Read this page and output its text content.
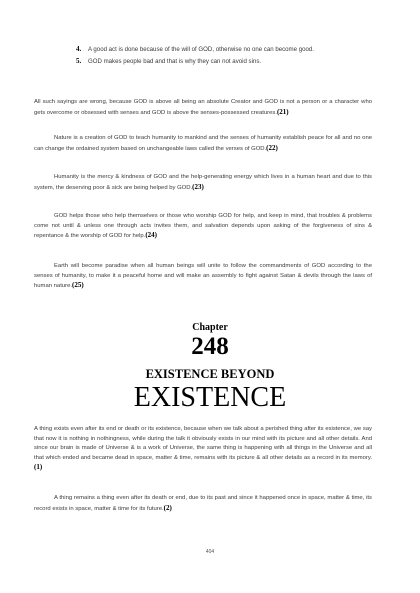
4.	A good act is done because of the will of GOD, otherwise no one can become good.
5.	GOD makes people bad and that is why they can not avoid sins.
All such sayings are wrong, because GOD is above all being an absolute Creator and GOD is not a person or a character who gets overcome or obsessed with senses and GOD is above the senses-possessed creatures.(21)
Nature is a creation of GOD to teach humanity to mankind and the senses of humanity establish peace for all and no one can change the ordained system based on unchangeable laws called the verses of GOD.(22)
Humanity is the mercy & kindness of GOD and the help-generating energy which lives in a human heart and due to this system, the deserving poor & sick are being helped by GOD.(23)
GOD helps those who help themselves or those who worship GOD for help, and keep in mind, that troubles & problems come not until & unless one through acts invites them, and salvation depends upon asking of the forgiveness of sins & repentance & the worship of GOD for help.(24)
Earth will become paradise when all human beings will unite to follow the commandments of GOD according to the senses of humanity, to make it a peaceful home and will make an assembly to fight against Satan & devils through the laws of human nature.(25)
Chapter
248
EXISTENCE BEYOND
EXISTENCE
A thing exists even after its end or death or its existence, because when we talk about a perished thing after its existence, we say that now it is nothing in nothingness, while during the talk it obviously exists in our mind with its picture and all other details. And since our brain is made of Universe & is a work of Universe, the same thing is happening with all things in the Universe and all that which ended and became dead in space, matter & time, remains with its picture & all other details as a record in its memory.(1)
A thing remains a thing even after its death or end, due to its past and since it happened once in space, matter & time, its record exists in space, matter & time for its future.(2)
404
